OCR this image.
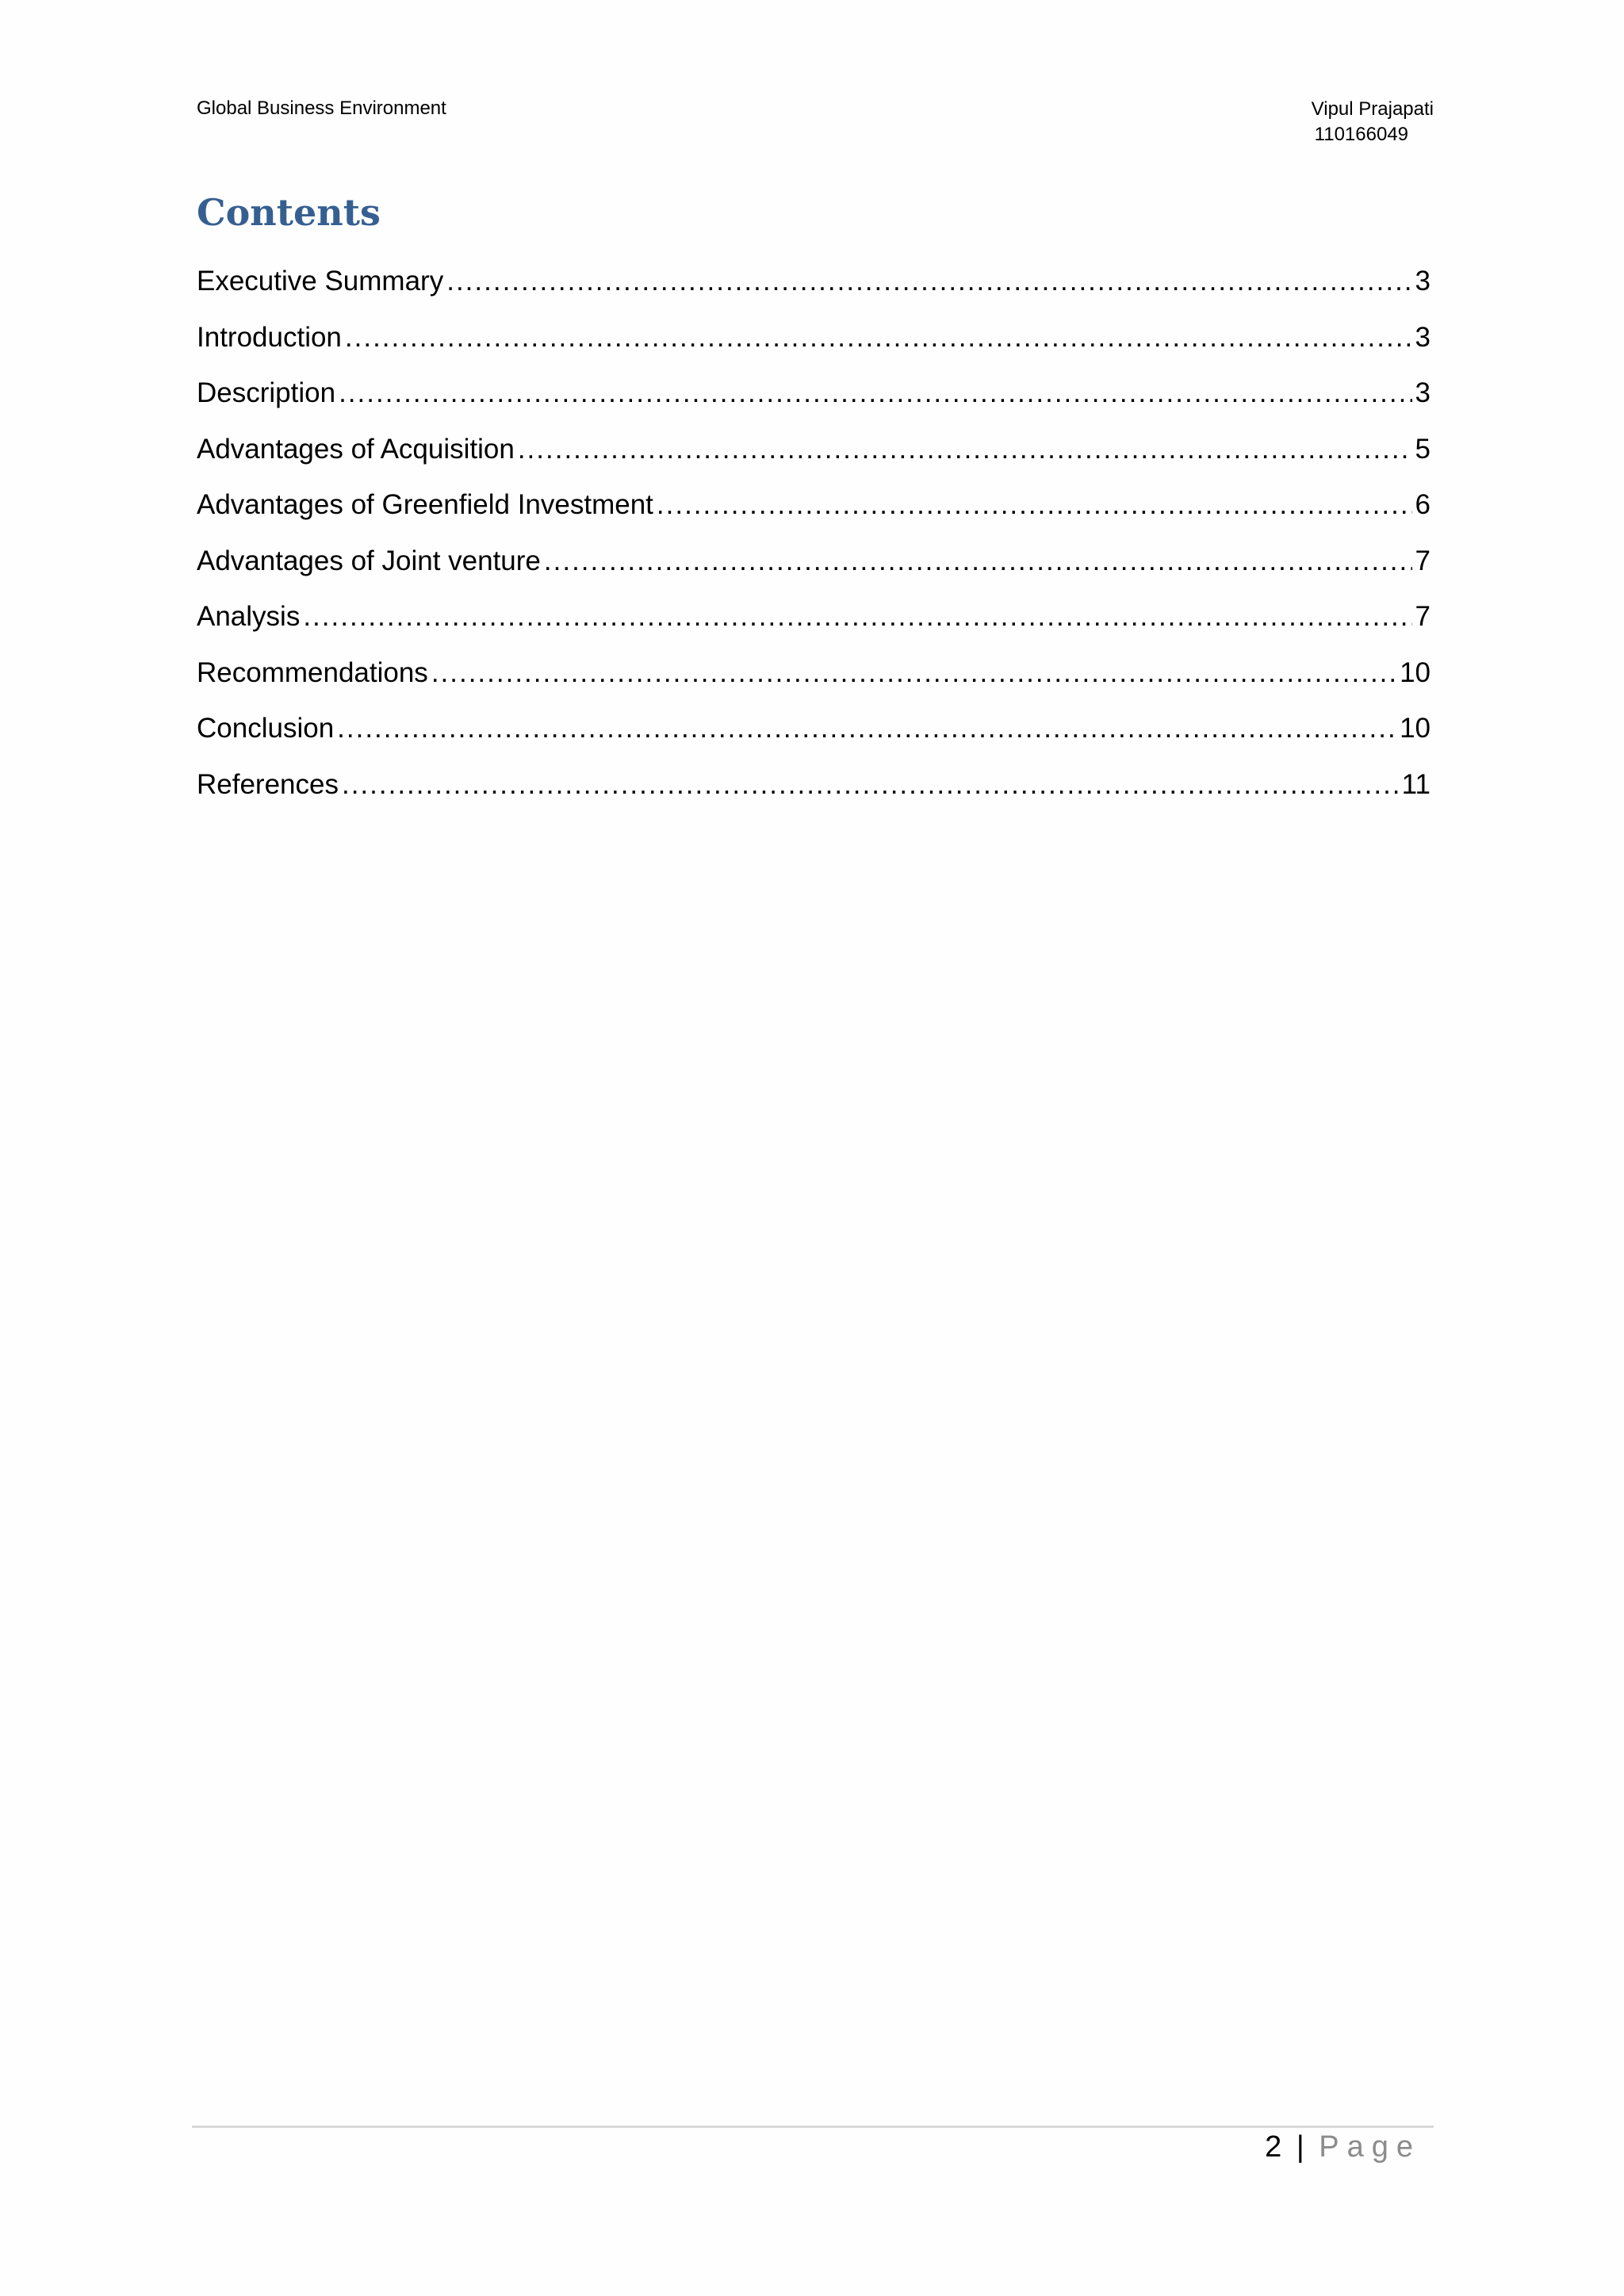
Global Business Environment	Vipul Prajapati
110166049
Contents
Executive Summary .....	3
Introduction .....	3
Description .....	3
Advantages of Acquisition .....	5
Advantages of Greenfield Investment .....	6
Advantages of Joint venture .....	7
Analysis .....	7
Recommendations .....	10
Conclusion .....	10
References .....	11
2 | Page
